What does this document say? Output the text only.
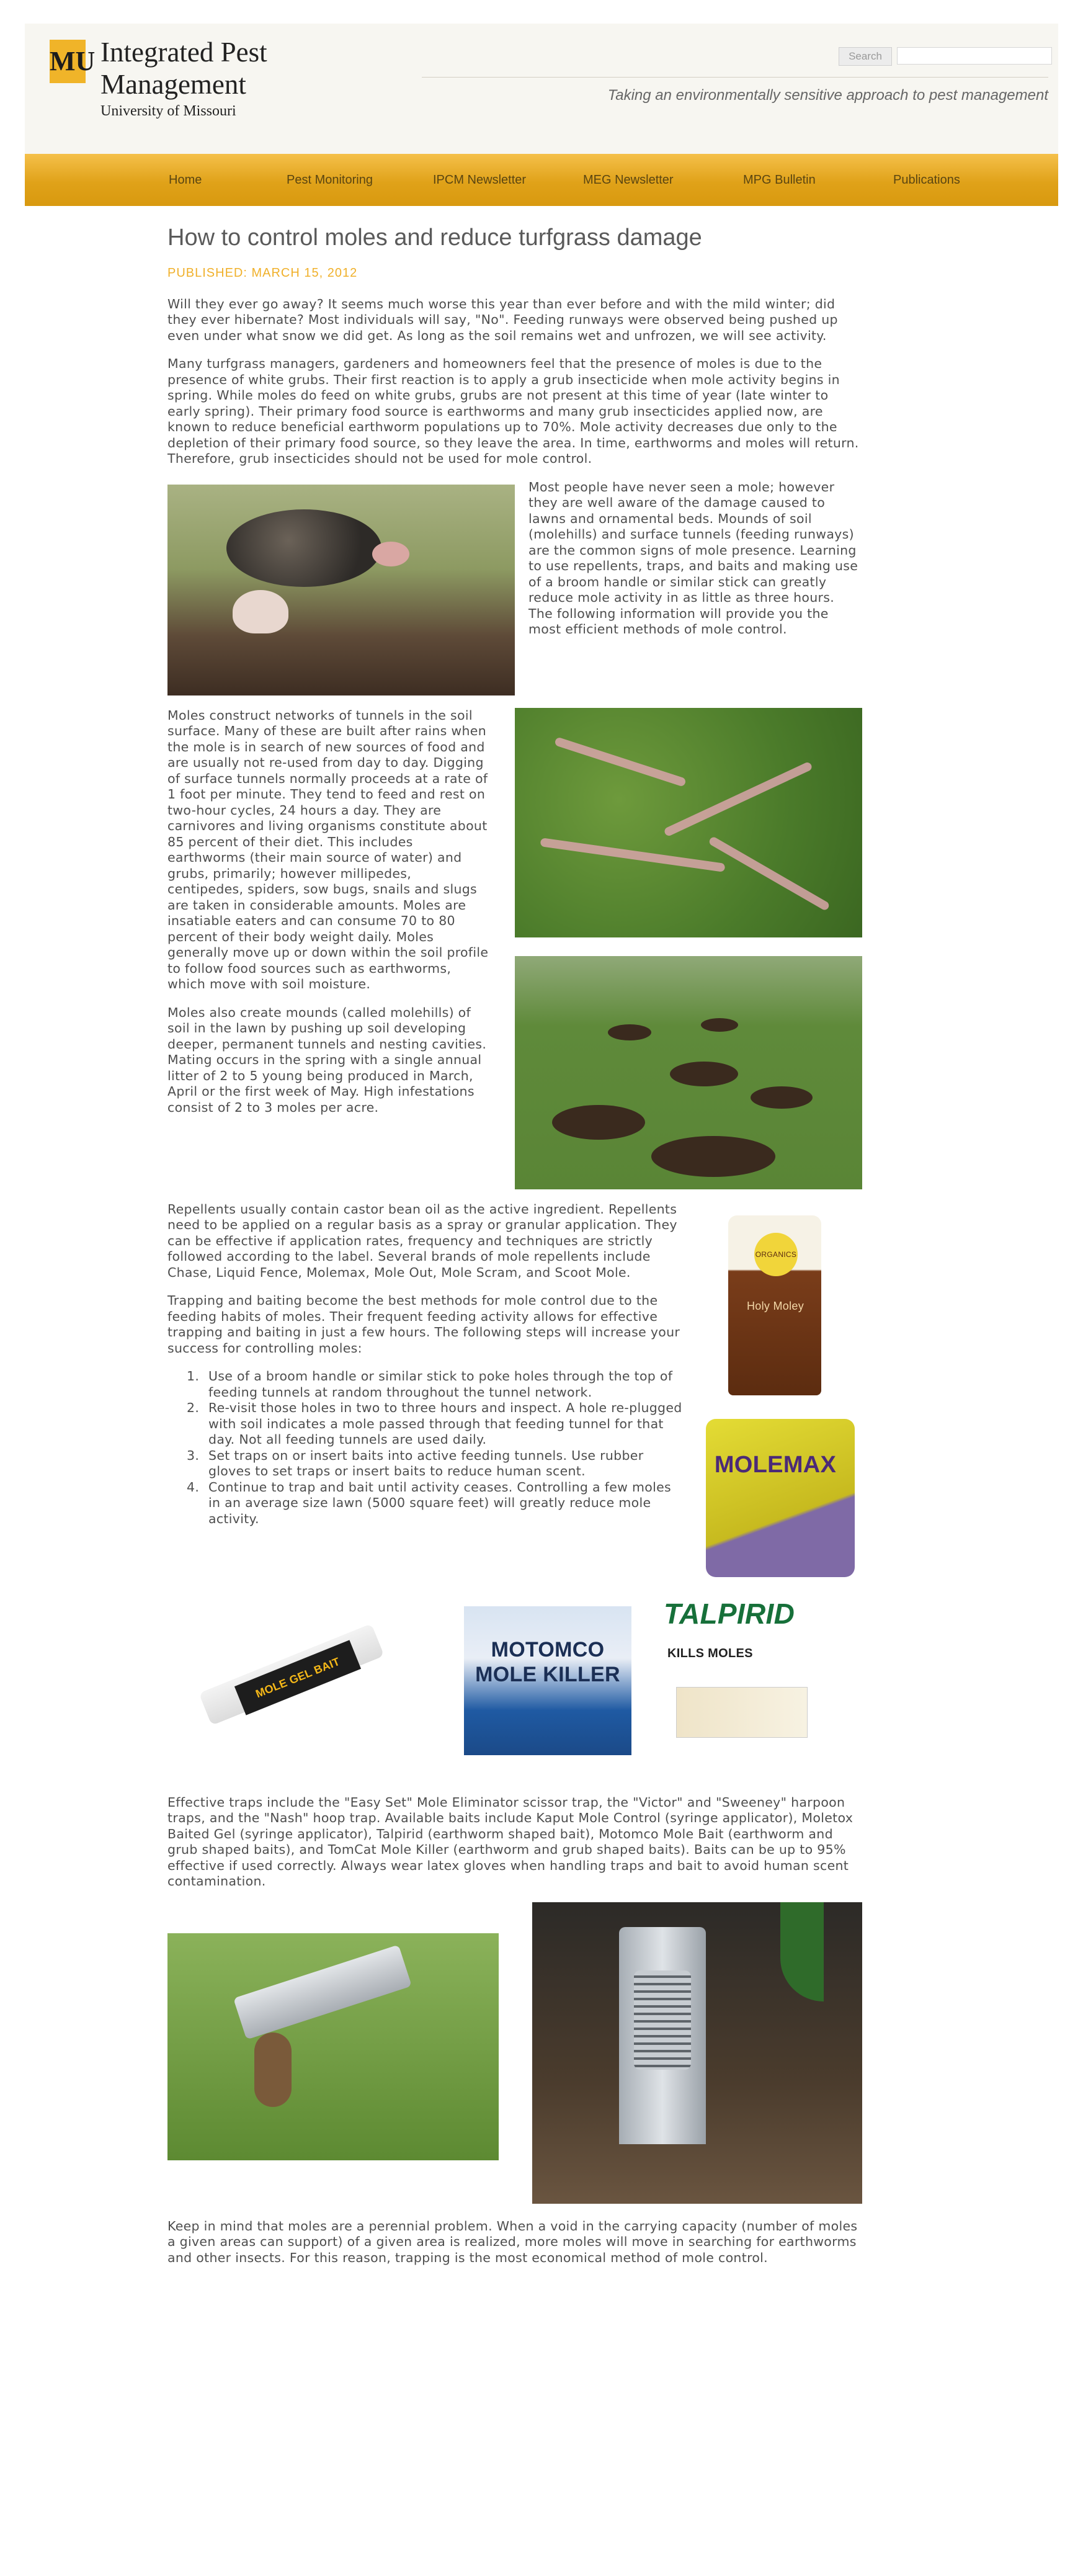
MU Integrated Pest Management
University of Missouri
Search
Taking an environmentally sensitive approach to pest management
Home	Pest Monitoring	IPCM Newsletter	MEG Newsletter	MPG Bulletin	Publications
How to control moles and reduce turfgrass damage
PUBLISHED: MARCH 15, 2012

Will they ever go away? It seems much worse this year than ever before and with the mild winter; did they ever hibernate? Most individuals will say, "No". Feeding runways were observed being pushed up even under what snow we did get. As long as the soil remains wet and unfrozen, we will see activity.

Many turfgrass managers, gardeners and homeowners feel that the presence of moles is due to the presence of white grubs. Their first reaction is to apply a grub insecticide when mole activity begins in spring. While moles do feed on white grubs, grubs are not present at this time of year (late winter to early spring). Their primary food source is earthworms and many grub insecticides applied now, are known to reduce beneficial earthworm populations up to 70%. Mole activity decreases due only to the depletion of their primary food source, so they leave the area. In time, earthworms and moles will return. Therefore, grub insecticides should not be used for mole control.

Most people have never seen a mole; however they are well aware of the damage caused to lawns and ornamental beds. Mounds of soil (molehills) and surface tunnels (feeding runways) are the common signs of mole presence. Learning to use repellents, traps, and baits and making use of a broom handle or similar stick can greatly reduce mole activity in as little as three hours. The following information will provide you the most efficient methods of mole control.

Moles construct networks of tunnels in the soil surface. Many of these are built after rains when the mole is in search of new sources of food and are usually not re-used from day to day. Digging of surface tunnels normally proceeds at a rate of 1 foot per minute. They tend to feed and rest on two-hour cycles, 24 hours a day. They are carnivores and living organisms constitute about 85 percent of their diet. This includes earthworms (their main source of water) and grubs, primarily; however millipedes, centipedes, spiders, sow bugs, snails and slugs are taken in considerable amounts. Moles are insatiable eaters and can consume 70 to 80 percent of their body weight daily. Moles generally move up or down within the soil profile to follow food sources such as earthworms, which move with soil moisture.

Moles also create mounds (called molehills) of soil in the lawn by pushing up soil developing deeper, permanent tunnels and nesting cavities. Mating occurs in the spring with a single annual litter of 2 to 5 young being produced in March, April or the first week of May. High infestations consist of 2 to 3 moles per acre.

ORGANICS
Holy Moley

Repellents usually contain castor bean oil as the active ingredient. Repellents need to be applied on a regular basis as a spray or granular application. They can be effective if application rates, frequency and techniques are strictly followed according to the label. Several brands of mole repellents include Chase, Liquid Fence, Molemax, Mole Out, Mole Scram, and Scoot Mole.

MOLEMAX

Trapping and baiting become the best methods for mole control due to the feeding habits of moles. Their frequent feeding activity allows for effective trapping and baiting in just a few hours. The following steps will increase your success for controlling moles:

1. Use of a broom handle or similar stick to poke holes through the top of feeding tunnels at random throughout the tunnel network.
2. Re-visit those holes in two to three hours and inspect. A hole re-plugged with soil indicates a mole passed through that feeding tunnel for that day. Not all feeding tunnels are used daily.
3. Set traps on or insert baits into active feeding tunnels. Use rubber gloves to set traps or insert baits to reduce human scent.
4. Continue to trap and bait until activity ceases. Controlling a few moles in an average size lawn (5000 square feet) will greatly reduce mole activity.
MOLE GEL BAIT
MOTOMCO MOLE KILLER
TALPIRID
KILLS MOLES

Effective traps include the "Easy Set" Mole Eliminator scissor trap, the "Victor" and "Sweeney" harpoon traps, and the "Nash" hoop trap. Available baits include Kaput Mole Control (syringe applicator), Moletox Baited Gel (syringe applicator), Talpirid (earthworm shaped bait), Motomco Mole Bait (earthworm and grub shaped baits), and TomCat Mole Killer (earthworm and grub shaped baits). Baits can be up to 95% effective if used correctly. Always wear latex gloves when handling traps and bait to avoid human scent contamination.

Keep in mind that moles are a perennial problem. When a void in the carrying capacity (number of moles a given areas can support) of a given area is realized, more moles will move in searching for earthworms and other insects. For this reason, trapping is the most economical method of mole control.
